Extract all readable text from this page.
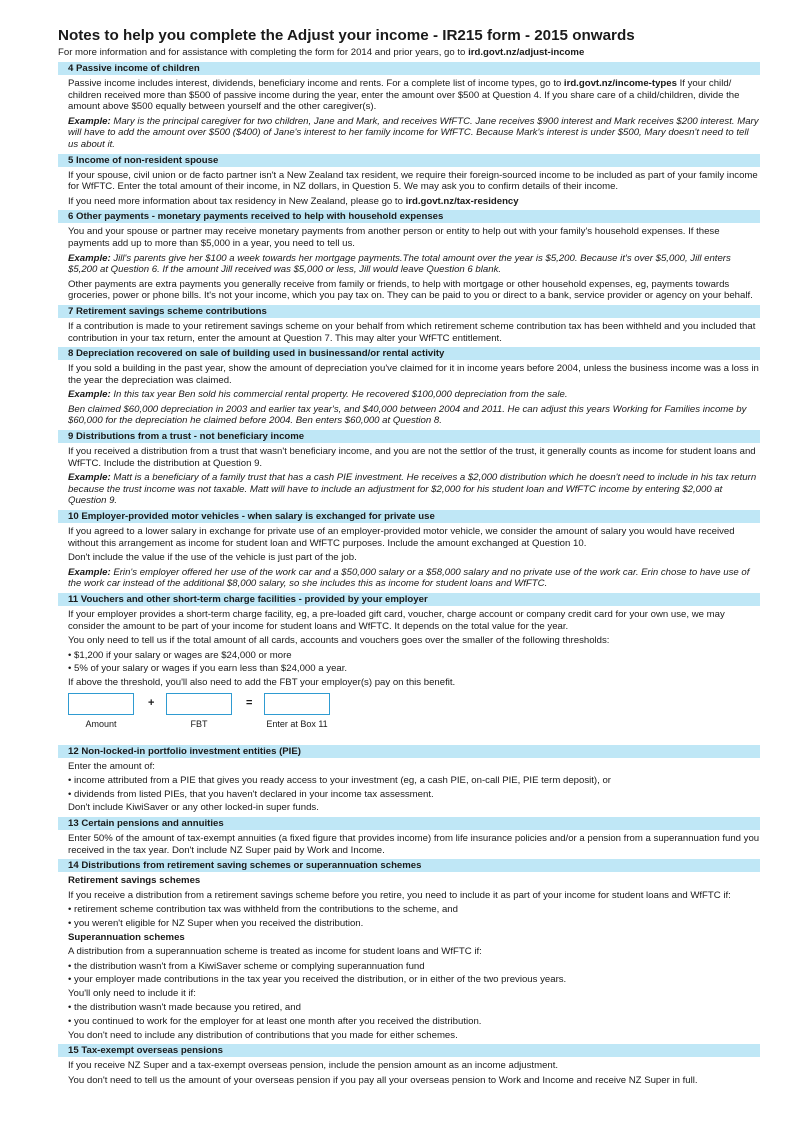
Notes to help you complete the Adjust your income - IR215 form - 2015 onwards
For more information and for assistance with completing the form for 2014 and prior years, go to ird.govt.nz/adjust-income
4 Passive income of children

Passive income includes interest, dividends, beneficiary income and rents. For a complete list of income types, go to ird.govt.nz/income-types If your child/ children received more than $500 of passive income during the year, enter the amount over $500 at Question 4. If you share care of a child/children, divide the amount above $500 equally between yourself and the other caregiver(s).

Example: Mary is the principal caregiver for two children, Jane and Mark, and receives WfFTC. Jane receives $900 interest and Mark receives $200 interest. Mary will have to add the amount over $500 ($400) of Jane's interest to her family income for WfFTC. Because Mark's interest is under $500, Mary doesn't need to tell us about it.

5 Income of non-resident spouse

If your spouse, civil union or de facto partner isn't a New Zealand tax resident, we require their foreign-sourced income to be included as part of your family income for WfFTC. Enter the total amount of their income, in NZ dollars, in Question 5. We may ask you to confirm details of their income.

If you need more information about tax residency in New Zealand, please go to ird.govt.nz/tax-residency

6 Other payments - monetary payments received to help with household expenses

You and your spouse or partner may receive monetary payments from another person or entity to help out with your family's household expenses. If these payments add up to more than $5,000 in a year, you need to tell us.

Example: Jill's parents give her $100 a week towards her mortgage payments.The total amount over the year is $5,200. Because it's over $5,000, Jill enters $5,200 at Question 6. If the amount Jill received was $5,000 or less, Jill would leave Question 6 blank.

Other payments are extra payments you generally receive from family or friends, to help with mortgage or other household expenses, eg, payments towards groceries, power or phone bills. It's not your income, which you pay tax on. They can be paid to you or direct to a bank, service provider or agency on your behalf.

7 Retirement savings scheme contributions

If a contribution is made to your retirement savings scheme on your behalf from which retirement scheme contribution tax has been withheld and you included that contribution in your tax return, enter the amount at Question 7. This may alter your WfFTC entitlement.

8 Depreciation recovered on sale of building used in businessand/or rental activity

If you sold a building in the past year, show the amount of depreciation you've claimed for it in income years before 2004, unless the business income was a loss in the year the depreciation was claimed.

Example: In this tax year Ben sold his commercial rental property. He recovered $100,000 depreciation from the sale.

Ben claimed $60,000 depreciation in 2003 and earlier tax year's, and $40,000 between 2004 and 2011. He can adjust this years Working for Families income by $60,000 for the depreciation he claimed before 2004. Ben enters $60,000 at Question 8.

9 Distributions from a trust - not beneficiary income

If you received a distribution from a trust that wasn't beneficiary income, and you are not the settlor of the trust, it generally counts as income for student loans and WfFTC. Include the distribution at Question 9.

Example: Matt is a beneficiary of a family trust that has a cash PIE investment. He receives a $2,000 distribution which he doesn't need to include in his tax return because the trust income was not taxable. Matt will have to include an adjustment for $2,000 for his student loan and WfFTC income by entering $2,000 at Question 9.

10 Employer-provided motor vehicles - when salary is exchanged for private use

If you agreed to a lower salary in exchange for private use of an employer-provided motor vehicle, we consider the amount of salary you would have received without this arrangement as income for student loan and WfFTC purposes. Include the amount exchanged at Question 10.

Don't include the value if the use of the vehicle is just part of the job.

Example: Erin's employer offered her use of the work car and a $50,000 salary or a $58,000 salary and no private use of the work car. Erin chose to have use of the work car instead of the additional $8,000 salary, so she includes this as income for student loans and WfFTC.

11 Vouchers and other short-term charge facilities - provided by your employer

If your employer provides a short-term charge facility, eg, a pre-loaded gift card, voucher, charge account or company credit card for your own use, we may consider the amount to be part of your income for student loans and WfFTC. It depends on the total value for the year.

You only need to tell us if the total amount of all cards, accounts and vouchers goes over the smaller of the following thresholds:

• $1,200 if your salary or wages are $24,000 or more
• 5% of your salary or wages if you earn less than $24,000 a year.

If above the threshold, you'll also need to add the FBT your employer(s) pay on this benefit.

+	=
Amount	FBT	Enter at Box 11
12 Non-locked-in portfolio investment entities (PIE)

Enter the amount of:

• income attributed from a PIE that gives you ready access to your investment (eg, a cash PIE, on-call PIE, PIE term deposit), or
• dividends from listed PIEs, that you haven't declared in your income tax assessment.

Don't include KiwiSaver or any other locked-in super funds.

13 Certain pensions and annuities

Enter 50% of the amount of tax-exempt annuities (a fixed figure that provides income) from life insurance policies and/or a pension from a superannuation fund you received in the tax year. Don't include NZ Super paid by Work and Income.

14 Distributions from retirement saving schemes or superannuation schemes
Retirement savings schemes

If you receive a distribution from a retirement savings scheme before you retire, you need to include it as part of your income for student loans and WfFTC if:

• retirement scheme contribution tax was withheld from the contributions to the scheme, and
• you weren't eligible for NZ Super when you received the distribution.
Superannuation schemes

A distribution from a superannuation scheme is treated as income for student loans and WfFTC if:

• the distribution wasn't from a KiwiSaver scheme or complying superannuation fund
• your employer made contributions in the tax year you received the distribution, or in either of the two previous years.

You'll only need to include it if:

• the distribution wasn't made because you retired, and
• you continued to work for the employer for at least one month after you received the distribution.

You don't need to include any distribution of contributions that you made for either schemes.

15 Tax-exempt overseas pensions

If you receive NZ Super and a tax-exempt overseas pension, include the pension amount as an income adjustment.

You don't need to tell us the amount of your overseas pension if you pay all your overseas pension to Work and Income and receive NZ Super in full.
